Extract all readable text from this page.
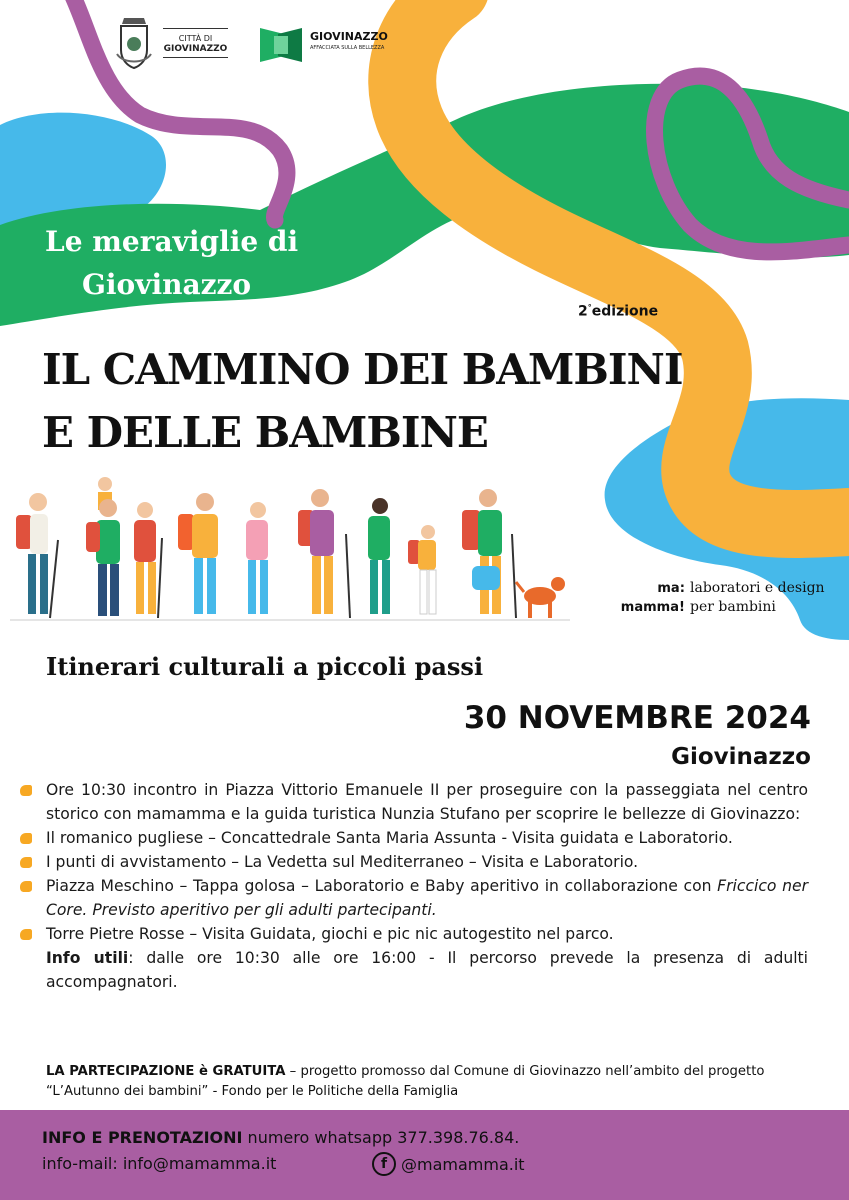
CITTÀ DI
GIOVINAZZO
GIOVINAZZO
AFFACCIATA SULLA BELLEZZA
Le meraviglie di
Giovinazzo
2°edizione
IL CAMMINO DEI BAMBINI
E DELLE BAMBINE
ma: laboratori e design
mamma! per bambini
Itinerari culturali a piccoli passi
30 NOVEMBRE 2024
Giovinazzo
Ore 10:30 incontro in Piazza Vittorio Emanuele II per proseguire con la passeggiata nel centro storico con mamamma e la guida turistica Nunzia Stufano per scoprire le bellezze di Giovinazzo:
Il romanico pugliese – Concattedrale Santa Maria Assunta - Visita guidata e Laboratorio.
I punti di avvistamento – La Vedetta sul Mediterraneo – Visita e Laboratorio.
Piazza Meschino – Tappa golosa – Laboratorio e Baby aperitivo in collaborazione con Friccico ner Core. Previsto aperitivo per gli adulti partecipanti.
Torre Pietre Rosse – Visita Guidata, giochi e pic nic autogestito nel parco.
Info utili: dalle ore 10:30 alle ore 16:00 - Il percorso prevede la presenza di adulti accompagnatori.
LA PARTECIPAZIONE è GRATUITA – progetto promosso dal Comune di Giovinazzo nell’ambito del progetto “L’Autunno dei bambini” - Fondo per le Politiche della Famiglia
INFO E PRENOTAZIONI numero whatsapp 377.398.76.84.
info-mail: info@mamamma.it	f @mamamma.it
